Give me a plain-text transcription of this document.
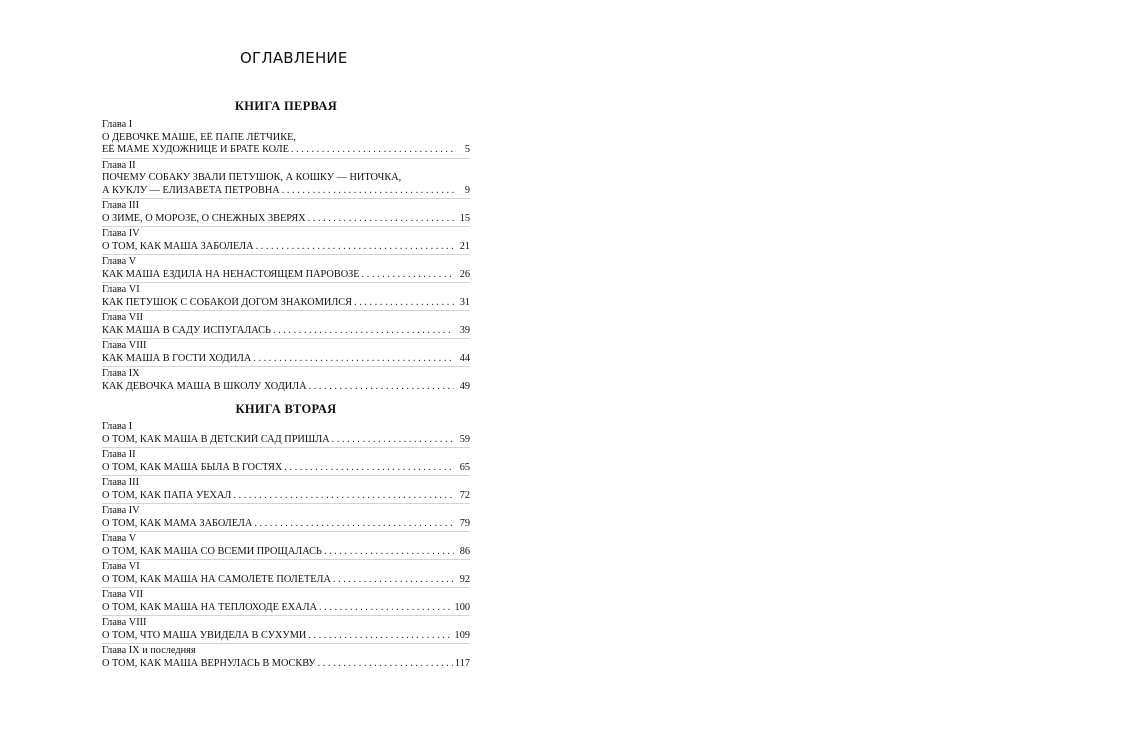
ОГЛАВЛЕНИЕ
КНИГА ПЕРВАЯ
Глава I
О ДЕВОЧКЕ МАШЕ, ЕЁ ПАПЕ ЛЁТЧИКЕ,
ЕЁ МАМЕ ХУДОЖНИЦЕ И БРАТЕ КОЛЕ . . .	5
Глава II
ПОЧЕМУ СОБАКУ ЗВАЛИ ПЕТУШОК, А КОШКУ — НИТОЧКА,
А КУКЛУ — ЕЛИЗАВЕТА ПЕТРОВНА . . .	9
Глава III
О ЗИМЕ, О МОРОЗЕ, О СНЕЖНЫХ ЗВЕРЯХ . . .	15
Глава IV
О ТОМ, КАК МАША ЗАБОЛЕЛА . . .	21
Глава V
КАК МАША ЕЗДИЛА НА НЕНАСТОЯЩЕМ ПАРОВОЗЕ . . .	26
Глава VI
КАК ПЕТУШОК С СОБАКОЙ ДОГОМ ЗНАКОМИЛСЯ . . .	31
Глава VII
КАК МАША В САДУ ИСПУГАЛАСЬ . . .	39
Глава VIII
КАК МАША В ГОСТИ ХОДИЛА . . .	44
Глава IX
КАК ДЕВОЧКА МАША В ШКОЛУ ХОДИЛА . . .	49
КНИГА ВТОРАЯ
Глава I
О ТОМ, КАК МАША В ДЕТСКИЙ САД ПРИШЛА . . .	59
Глава II
О ТОМ, КАК МАША БЫЛА В ГОСТЯХ . . .	65
Глава III
О ТОМ, КАК ПАПА УЕХАЛ . . .	72
Глава IV
О ТОМ, КАК МАМА ЗАБОЛЕЛА . . .	79
Глава V
О ТОМ, КАК МАША СО ВСЕМИ ПРОЩАЛАСЬ . . .	86
Глава VI
О ТОМ, КАК МАША НА САМОЛЁТЕ ПОЛЕТЕЛА . . .	92
Глава VII
О ТОМ, КАК МАША НА ТЕПЛОХОДЕ ЕХАЛА . . .	100
Глава VIII
О ТОМ, ЧТО МАША УВИДЕЛА В СУХУМИ . . .	109
Глава IX и последняя
О ТОМ, КАК МАША ВЕРНУЛАСЬ В МОСКВУ . . .	117
